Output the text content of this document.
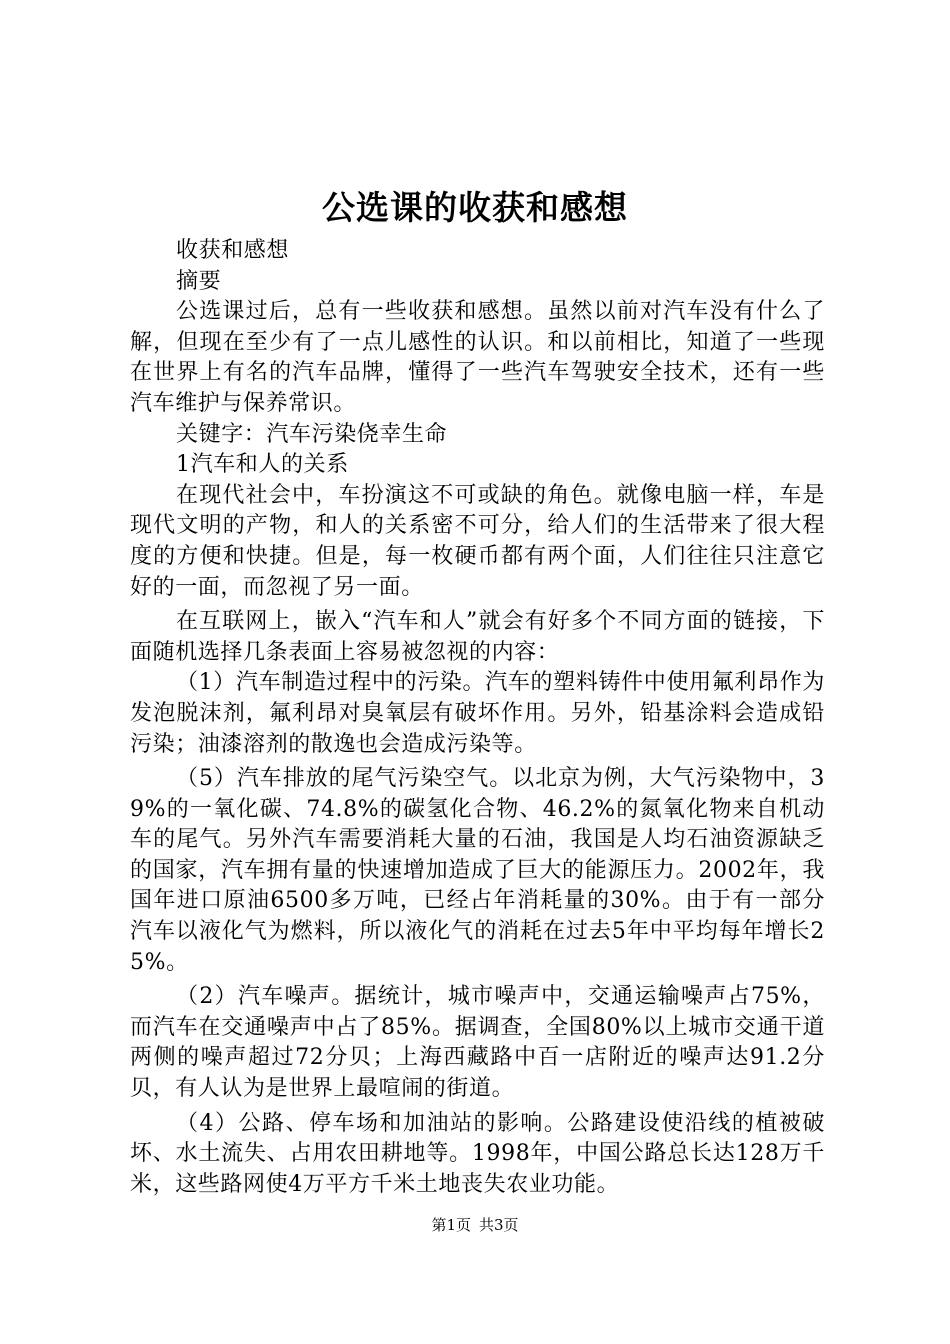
公选课的收获和感想

收获和感想

摘要

公选课过后，总有一些收获和感想。虽然以前对汽车没有什么了解，但现在至少有了一点儿感性的认识。和以前相比，知道了一些现在世界上有名的汽车品牌，懂得了一些汽车驾驶安全技术，还有一些汽车维护与保养常识。

关键字：汽车污染侥幸生命

1汽车和人的关系

在现代社会中，车扮演这不可或缺的角色。就像电脑一样，车是现代文明的产物，和人的关系密不可分，给人们的生活带来了很大程度的方便和快捷。但是，每一枚硬币都有两个面，人们往往只注意它好的一面，而忽视了另一面。

在互联网上，嵌入“汽车和人”就会有好多个不同方面的链接，下面随机选择几条表面上容易被忽视的内容：

（1）汽车制造过程中的污染。汽车的塑料铸件中使用氟利昂作为发泡脱沫剂，氟利昂对臭氧层有破坏作用。另外，铅基涂料会造成铅污染；油漆溶剂的散逸也会造成污染等。

（5）汽车排放的尾气污染空气。以北京为例，大气污染物中，39%的一氧化碳、74.8%的碳氢化合物、46.2%的氮氧化物来自机动车的尾气。另外汽车需要消耗大量的石油，我国是人均石油资源缺乏的国家，汽车拥有量的快速增加造成了巨大的能源压力。2002年，我国年进口原油6500多万吨，已经占年消耗量的30%。由于有一部分汽车以液化气为燃料，所以液化气的消耗在过去5年中平均每年增长25%。

（2）汽车噪声。据统计，城市噪声中，交通运输噪声占75%，而汽车在交通噪声中占了85%。据调查，全国80%以上城市交通干道两侧的噪声超过72分贝；上海西藏路中百一店附近的噪声达91.2分贝，有人认为是世界上最喧闹的街道。

（4）公路、停车场和加油站的影响。公路建设使沿线的植被破坏、水土流失、占用农田耕地等。1998年，中国公路总长达128万千米，这些路网使4万平方千米土地丧失农业功能。

第1页 共3页
